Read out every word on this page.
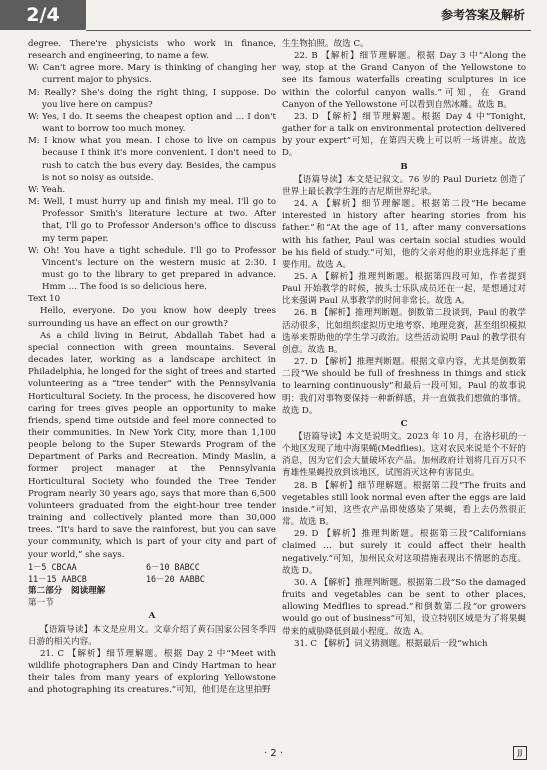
2/4	参考答案及解析

degree. There're physicists who work in finance, research and engineering, to name a few.

W: Can't agree more. Mary is thinking of changing her current major to physics.

M: Really? She's doing the right thing, I suppose. Do you live here on campus?

W: Yes, I do. It seems the cheapest option and … I don't want to borrow too much money.

M: I know what you mean. I chose to live on campus because I think it's more convenient. I don't need to rush to catch the bus every day. Besides, the campus is not so noisy as outside.

W: Yeah.

M: Well, I must hurry up and finish my meal. I'll go to Professor Smith's literature lecture at two. After that, I'll go to Professor Anderson's office to discuss my term paper.

W: Oh! You have a tight schedule. I'll go to Professor Vincent's lecture on the western music at 2:30. I must go to the library to get prepared in advance. Hmm … The food is so delicious here.

Text 10

Hello, everyone. Do you know how deeply trees surrounding us have an effect on our growth?

As a child living in Beirut, Abdallah Tabet had a special connection with green mountains. Several decades later, working as a landscape architect in Philadelphia, he longed for the sight of trees and started volunteering as a “tree tender” with the Pennsylvania Horticultural Society. In the process, he discovered how caring for trees gives people an opportunity to make friends, spend time outside and feel more connected to their communities. In New York City, more than 1,100 people belong to the Super Stewards Program of the Department of Parks and Recreation. Mindy Maslin, a former project manager at the Pennsylvania Horticultural Society who founded the Tree Tender Program nearly 30 years ago, says that more than 6,500 volunteers graduated from the eight-hour tree tender training and collectively planted more than 30,000 trees. “It's hard to save the rainforest, but you can save your community, which is part of your city and part of your world,” she says.

1－5 CBCAA	6－10 BABCC
11－15 AABCB	16－20 AABBC

第二部分　阅读理解

第一节

A

【语篇导读】本文是应用文。文章介绍了黄石国家公园冬季四日游的相关内容。

21. C 【解析】细节理解题。根据 Day 2 中“Meet with wildlife photographers Dan and Cindy Hartman to hear their tales from many years of exploring Yellowstone and photographing its creatures.”可知，他们是在这里拍野

生生物拍照。故选 C。

22. B 【解析】细节理解题。根据 Day 3 中“Along the way, stop at the Grand Canyon of the Yellowstone to see its famous waterfalls creating sculptures in ice within the colorful canyon walls.”可知，在 Grand Canyon of the Yellowstone 可以看到自然冰雕。故选 B。

23. D 【解析】细节理解题。根据 Day 4 中“Tonight, gather for a talk on environmental protection delivered by your expert”可知，在第四天晚上可以听一场讲座。故选 D。

B

【语篇导读】本文是记叙文。76 岁的 Paul Durietz 创造了世界上最长教学生涯的吉尼斯世界纪录。

24. A 【解析】细节理解题。根据第二段“He became interested in history after hearing stories from his father.”和“At the age of 11, after many conversations with his father, Paul was certain social studies would be his field of study.”可知，他的父亲对他的职业选择起了重要作用。故选 A。

25. A 【解析】推理判断题。根据第四段可知，作者提到 Paul 开始教学的时候，披头士乐队成员还在一起，是想通过对比来强调 Paul 从事教学的时间非常长。故选 A。

26. B 【解析】推理判断题。倒数第二段谈到，Paul 的教学活动很多，比如组织虚拟历史地考察、地理竞赛，甚至组织模拟选举来帮助他的学生学习政治。这些活动说明 Paul 的教学很有创意。故选 B。

27. D 【解析】推理判断题。根据文章内容，尤其是倒数第二段“We should be full of freshness in things and stick to learning continuously”和最后一段可知，Paul 的故事说明：我们对事物要保持一种新鲜感，并一直做我们想做的事情。故选 D。

C

【语篇导读】本文是说明文。2023 年 10 月，在洛杉矶的一个地区发现了地中海果蝇(Medflies)。这对农民来说是个不好的消息，因为它们会大量破坏农产品。加州政府计划将几百万只不育雄性果蝇投放到该地区，试图消灭这种有害昆虫。

28. B 【解析】细节理解题。根据第二段“The fruits and vegetables still look normal even after the eggs are laid inside.”可知，这些农产品即使感染了果蝇，看上去仍然很正常。故选 B。

29. D 【解析】推理判断题。根据第三段“Californians claimed … but surely it could affect their health negatively.”可知，加州民众对这项措施表现出不情愿的态度。故选 D。

30. A 【解析】推理判断题。根据第二段“So the damaged fruits and vegetables can be sent to other places, allowing Medflies to spread.”和倒数第二段“or growers would go out of business”可知，设立特别区域是为了将果蝇带来的威胁降低到最小程度。故选 A。

31. C 【解析】词义猜测题。根据最后一段“which

· 2 ·	JJ
